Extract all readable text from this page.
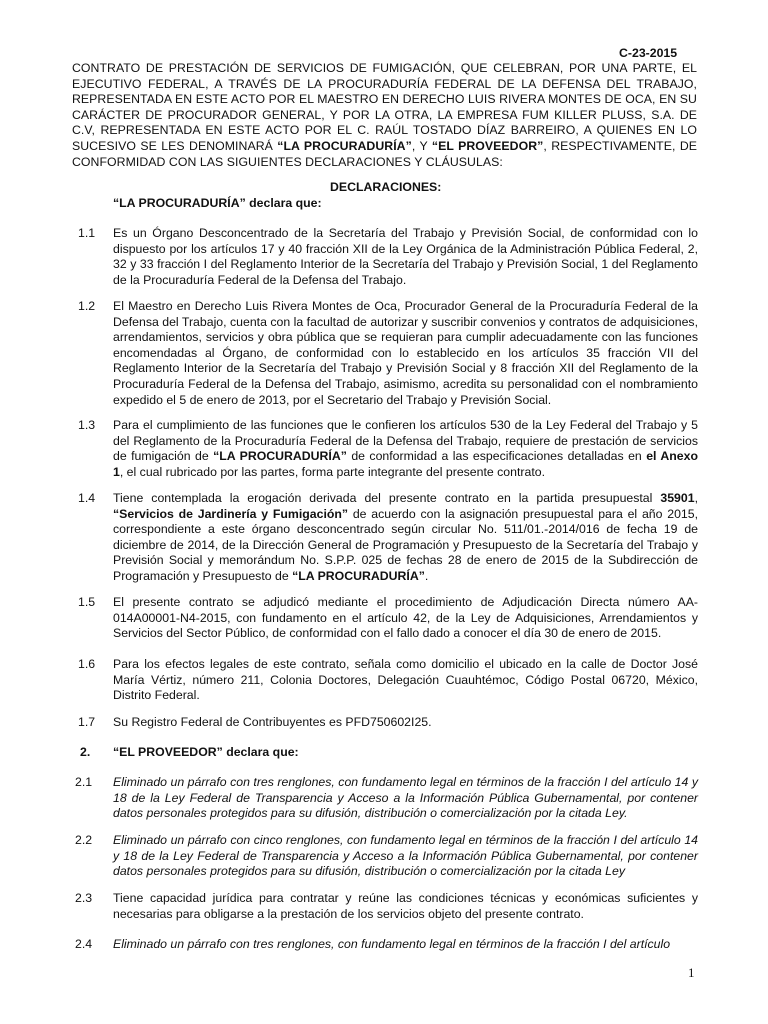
C-23-2015
CONTRATO DE PRESTACIÓN DE SERVICIOS DE FUMIGACIÓN, QUE CELEBRAN, POR UNA PARTE, EL EJECUTIVO FEDERAL, A TRAVÉS DE LA PROCURADURÍA FEDERAL DE LA DEFENSA DEL TRABAJO, REPRESENTADA EN ESTE ACTO POR EL MAESTRO EN DERECHO LUIS RIVERA MONTES DE OCA, EN SU CARÁCTER DE PROCURADOR GENERAL, Y POR LA OTRA, LA EMPRESA FUM KILLER PLUSS, S.A. DE C.V, REPRESENTADA EN ESTE ACTO POR EL C. RAÚL TOSTADO DÍAZ BARREIRO, A QUIENES EN LO SUCESIVO SE LES DENOMINARÁ “LA PROCURADURÍA”, Y “EL PROVEEDOR”, RESPECTIVAMENTE, DE CONFORMIDAD CON LAS SIGUIENTES DECLARACIONES Y CLÁUSULAS:
DECLARACIONES:
“LA PROCURADURÍA” declara que:
1.1 Es un Órgano Desconcentrado de la Secretaría del Trabajo y Previsión Social, de conformidad con lo dispuesto por los artículos 17 y 40 fracción XII de la Ley Orgánica de la Administración Pública Federal, 2, 32 y 33 fracción I del Reglamento Interior de la Secretaría del Trabajo y Previsión Social, 1 del Reglamento de la Procuraduría Federal de la Defensa del Trabajo.
1.2 El Maestro en Derecho Luis Rivera Montes de Oca, Procurador General de la Procuraduría Federal de la Defensa del Trabajo, cuenta con la facultad de autorizar y suscribir convenios y contratos de adquisiciones, arrendamientos, servicios y obra pública que se requieran para cumplir adecuadamente con las funciones encomendadas al Órgano, de conformidad con lo establecido en los artículos 35 fracción VII del Reglamento Interior de la Secretaría del Trabajo y Previsión Social y 8 fracción XII del Reglamento de la Procuraduría Federal de la Defensa del Trabajo, asimismo, acredita su personalidad con el nombramiento expedido el 5 de enero de 2013, por el Secretario del Trabajo y Previsión Social.
1.3 Para el cumplimiento de las funciones que le confieren los artículos 530 de la Ley Federal del Trabajo y 5 del Reglamento de la Procuraduría Federal de la Defensa del Trabajo, requiere de prestación de servicios de fumigación de “LA PROCURADURÍA” de conformidad a las especificaciones detalladas en el Anexo 1, el cual rubricado por las partes, forma parte integrante del presente contrato.
1.4 Tiene contemplada la erogación derivada del presente contrato en la partida presupuestal 35901, “Servicios de Jardinería y Fumigación” de acuerdo con la asignación presupuestal para el año 2015, correspondiente a este órgano desconcentrado según circular No. 511/01.-2014/016 de fecha 19 de diciembre de 2014, de la Dirección General de Programación y Presupuesto de la Secretaría del Trabajo y Previsión Social y memorándum No. S.P.P. 025 de fechas 28 de enero de 2015 de la Subdirección de Programación y Presupuesto de “LA PROCURADURÍA”.
1.5 El presente contrato se adjudicó mediante el procedimiento de Adjudicación Directa número AA-014A00001-N4-2015, con fundamento en el artículo 42, de la Ley de Adquisiciones, Arrendamientos y Servicios del Sector Público, de conformidad con el fallo dado a conocer el día 30 de enero de 2015.
1.6 Para los efectos legales de este contrato, señala como domicilio el ubicado en la calle de Doctor José María Vértiz, número 211, Colonia Doctores, Delegación Cuauhtémoc, Código Postal 06720, México, Distrito Federal.
1.7 Su Registro Federal de Contribuyentes es PFD750602I25.
2. “EL PROVEEDOR” declara que:
2.1 Eliminado un párrafo con tres renglones, con fundamento legal en términos de la fracción I del artículo 14 y 18 de la Ley Federal de Transparencia y Acceso a la Información Pública Gubernamental, por contener datos personales protegidos para su difusión, distribución o comercialización por la citada Ley.
2.2 Eliminado un párrafo con cinco renglones, con fundamento legal en términos de la fracción I del artículo 14 y 18 de la Ley Federal de Transparencia y Acceso a la Información Pública Gubernamental, por contener datos personales protegidos para su difusión, distribución o comercialización por la citada Ley
2.3 Tiene capacidad jurídica para contratar y reúne las condiciones técnicas y económicas suficientes y necesarias para obligarse a la prestación de los servicios objeto del presente contrato.
2.4 Eliminado un párrafo con tres renglones, con fundamento legal en términos de la fracción I del artículo
1
